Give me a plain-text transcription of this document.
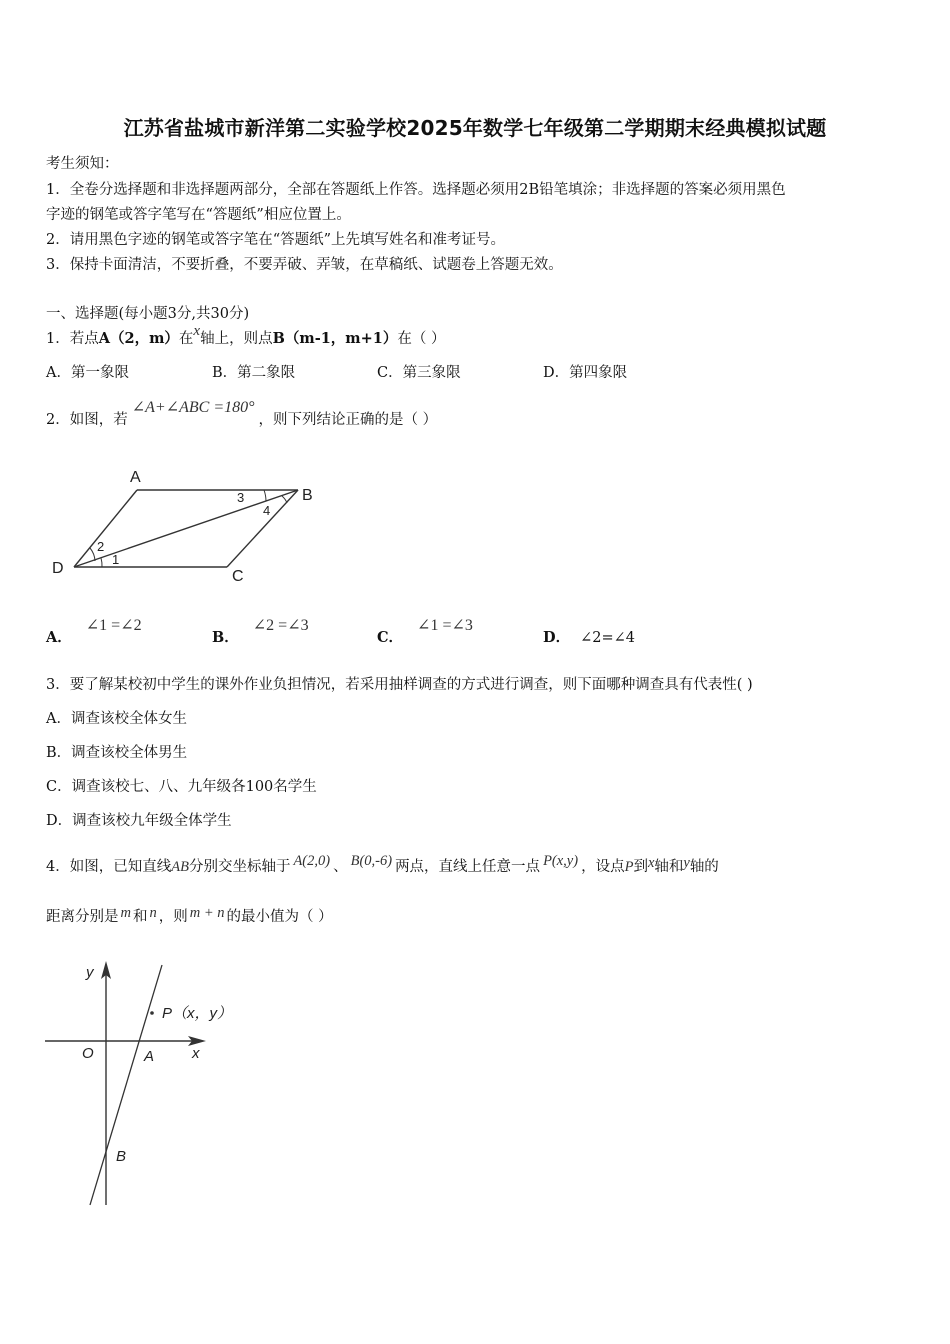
江苏省盐城市新洋第二实验学校2025年数学七年级第二学期期末经典模拟试题
考生须知：
1．全卷分选择题和非选择题两部分，全部在答题纸上作答。选择题必须用2B铅笔填涂；非选择题的答案必须用黑色
字迹的钢笔或答字笔写在“答题纸”相应位置上。
2．请用黑色字迹的钢笔或答字笔在“答题纸”上先填写姓名和准考证号。
3．保持卡面清洁，不要折叠，不要弄破、弄皱，在草稿纸、试题卷上答题无效。
一、选择题(每小题3分,共30分)
1．若点A（2，m）在x轴上，则点B（m-1，m+1）在（ ）
A．第一象限	B．第二象限	C．第三象限	D．第四象限
2．如图，若∠A+∠ABC =180°，则下列结论正确的是（ ）
A
B
C
D
1
2
3
4
A．∠1 =∠2
B．∠2 =∠3
C．∠1 =∠3
D． ∠2=∠4
3．要了解某校初中学生的课外作业负担情况，若采用抽样调查的方式进行调查，则下面哪种调查具有代表性( )
A．调查该校全体女生
B．调查该校全体男生
C．调查该校七、八、九年级各100名学生
D．调查该校九年级全体学生
4．如图，已知直线AB分别交坐标轴于 A(2,0) 、 B(0,-6) 两点，直线上任意一点 P(x,y) ，设点P到x轴和y轴的
距离分别是 m 和 n ，则 m + n 的最小值为（ ）
y
x
O	A
B
P（x，y）
